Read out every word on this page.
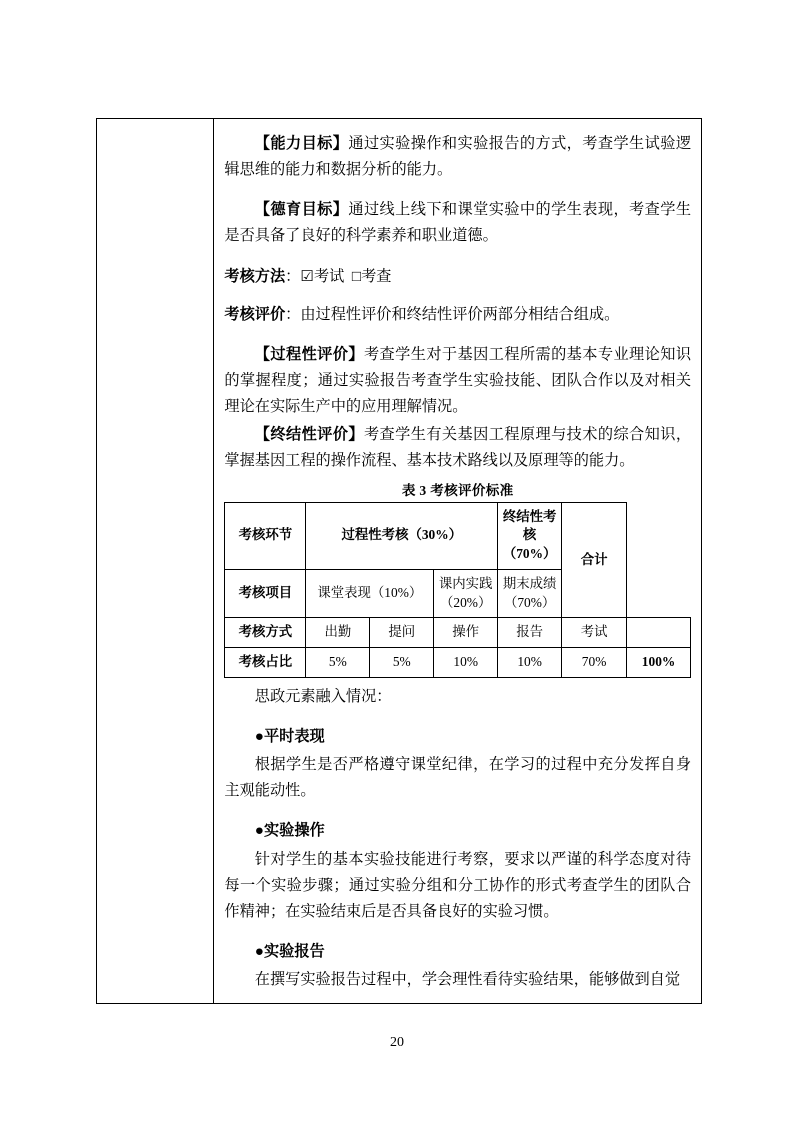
【能力目标】通过实验操作和实验报告的方式，考查学生试验逻辑思维的能力和数据分析的能力。

【德育目标】通过线上线下和课堂实验中的学生表现，考查学生是否具备了良好的科学素养和职业道德。

考核方法：☑考试 □考查

考核评价：由过程性评价和终结性评价两部分相结合组成。

【过程性评价】考查学生对于基因工程所需的基本专业理论知识的掌握程度；通过实验报告考查学生实验技能、团队合作以及对相关理论在实际生产中的应用理解情况。

【终结性评价】考查学生有关基因工程原理与技术的综合知识，掌握基因工程的操作流程、基本技术路线以及原理等的能力。

表 3 考核评价标准
考核环节	过程性考核（30%）	终结性考核（70%）	合计
考核项目	课堂表现（10%）	课内实践（20%）	期末成绩（70%）
考核方式	出勤	提问	操作	报告	考试	
考核占比	5%	5%	10%	10%	70%	100%

思政元素融入情况：

●平时表现

根据学生是否严格遵守课堂纪律，在学习的过程中充分发挥自身主观能动性。

●实验操作

针对学生的基本实验技能进行考察，要求以严谨的科学态度对待每一个实验步骤；通过实验分组和分工协作的形式考查学生的团队合作精神；在实验结束后是否具备良好的实验习惯。

●实验报告

在撰写实验报告过程中，学会理性看待实验结果，能够做到自觉

20
